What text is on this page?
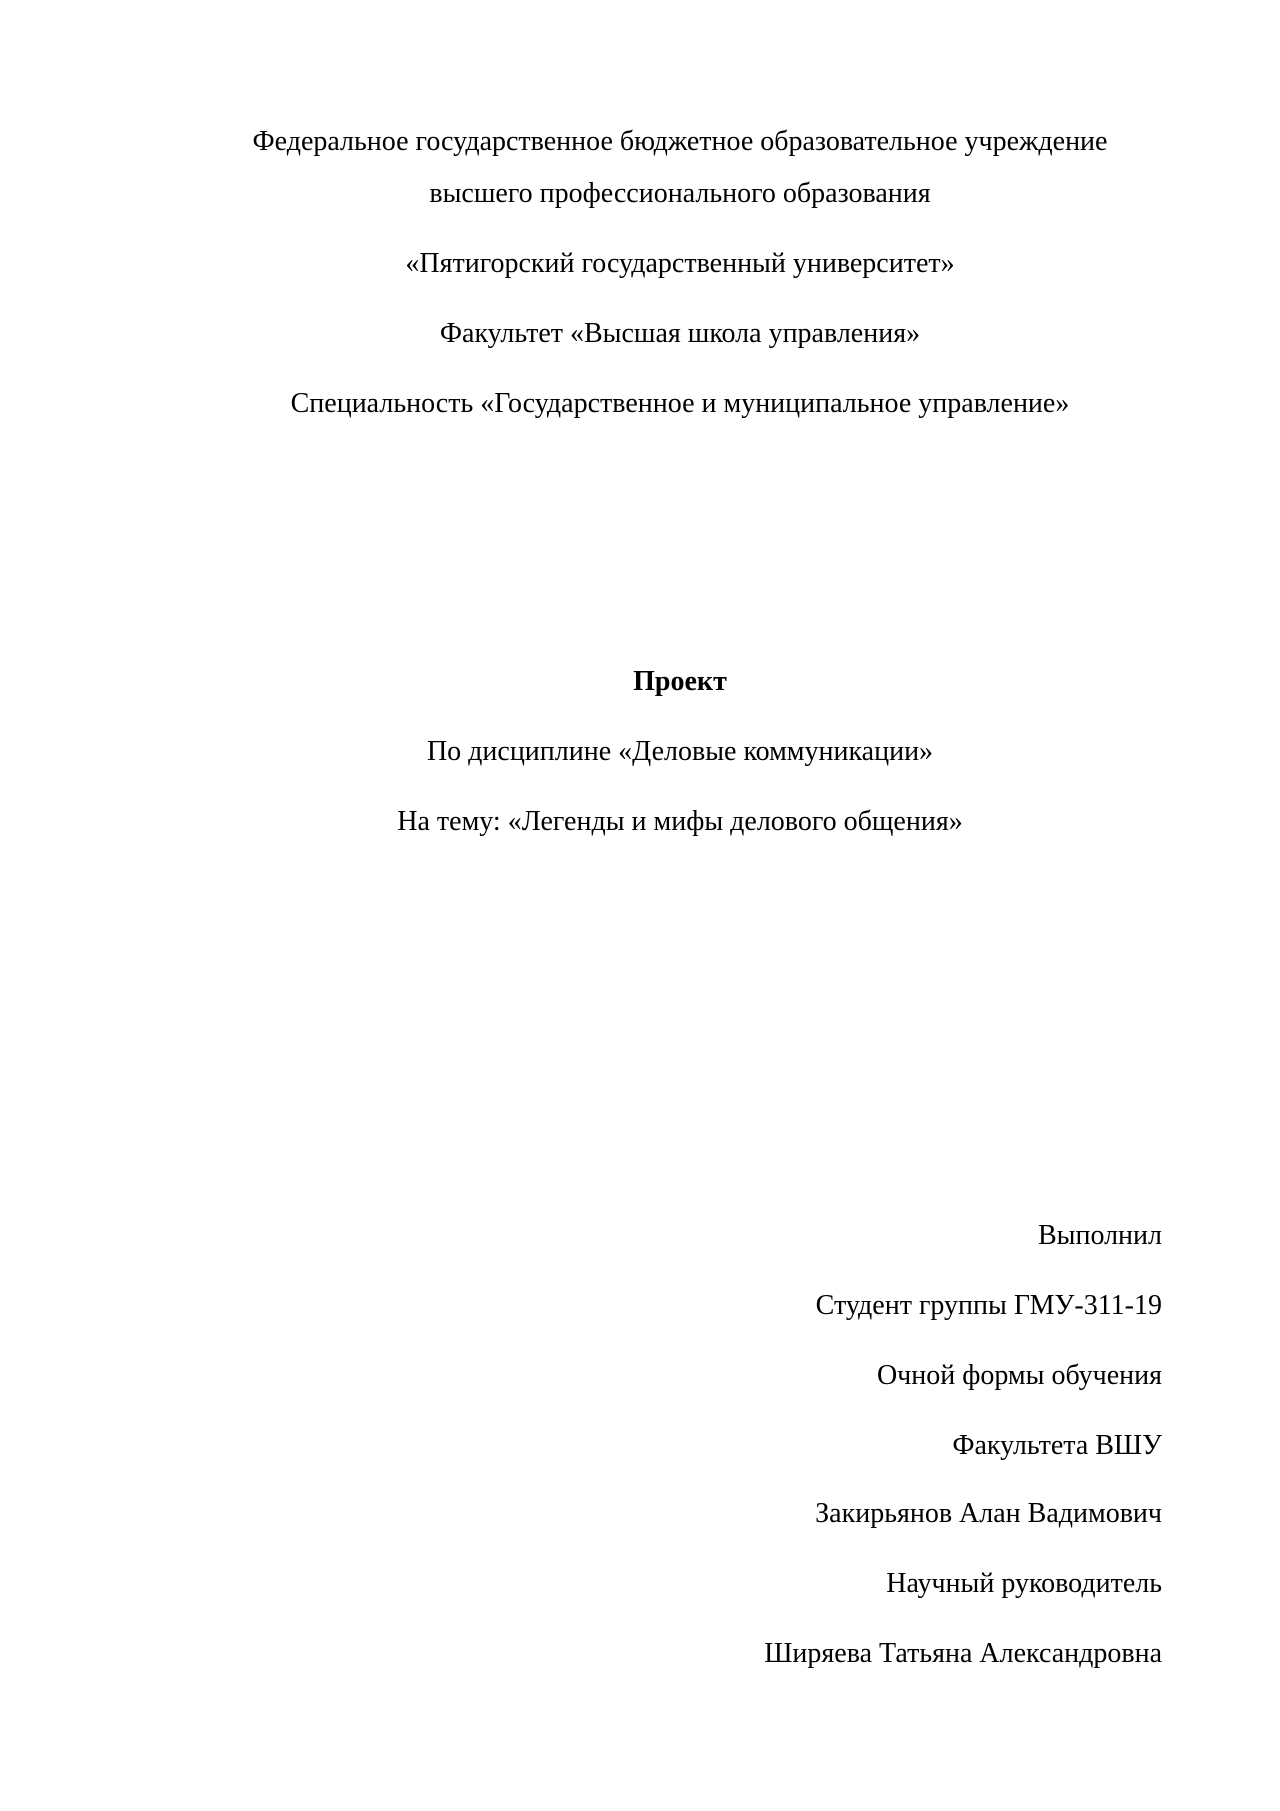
Федеральное государственное бюджетное образовательное учреждение
высшего профессионального образования
«Пятигорский государственный университет»
Факультет «Высшая школа управления»
Специальность «Государственное и муниципальное управление»
Проект
По дисциплине «Деловые коммуникации»
На тему: «Легенды и мифы делового общения»
Выполнил
Студент группы ГМУ-311-19
Очной формы обучения
Факультета ВШУ
Закирьянов Алан Вадимович
Научный руководитель
Ширяева Татьяна Александровна
